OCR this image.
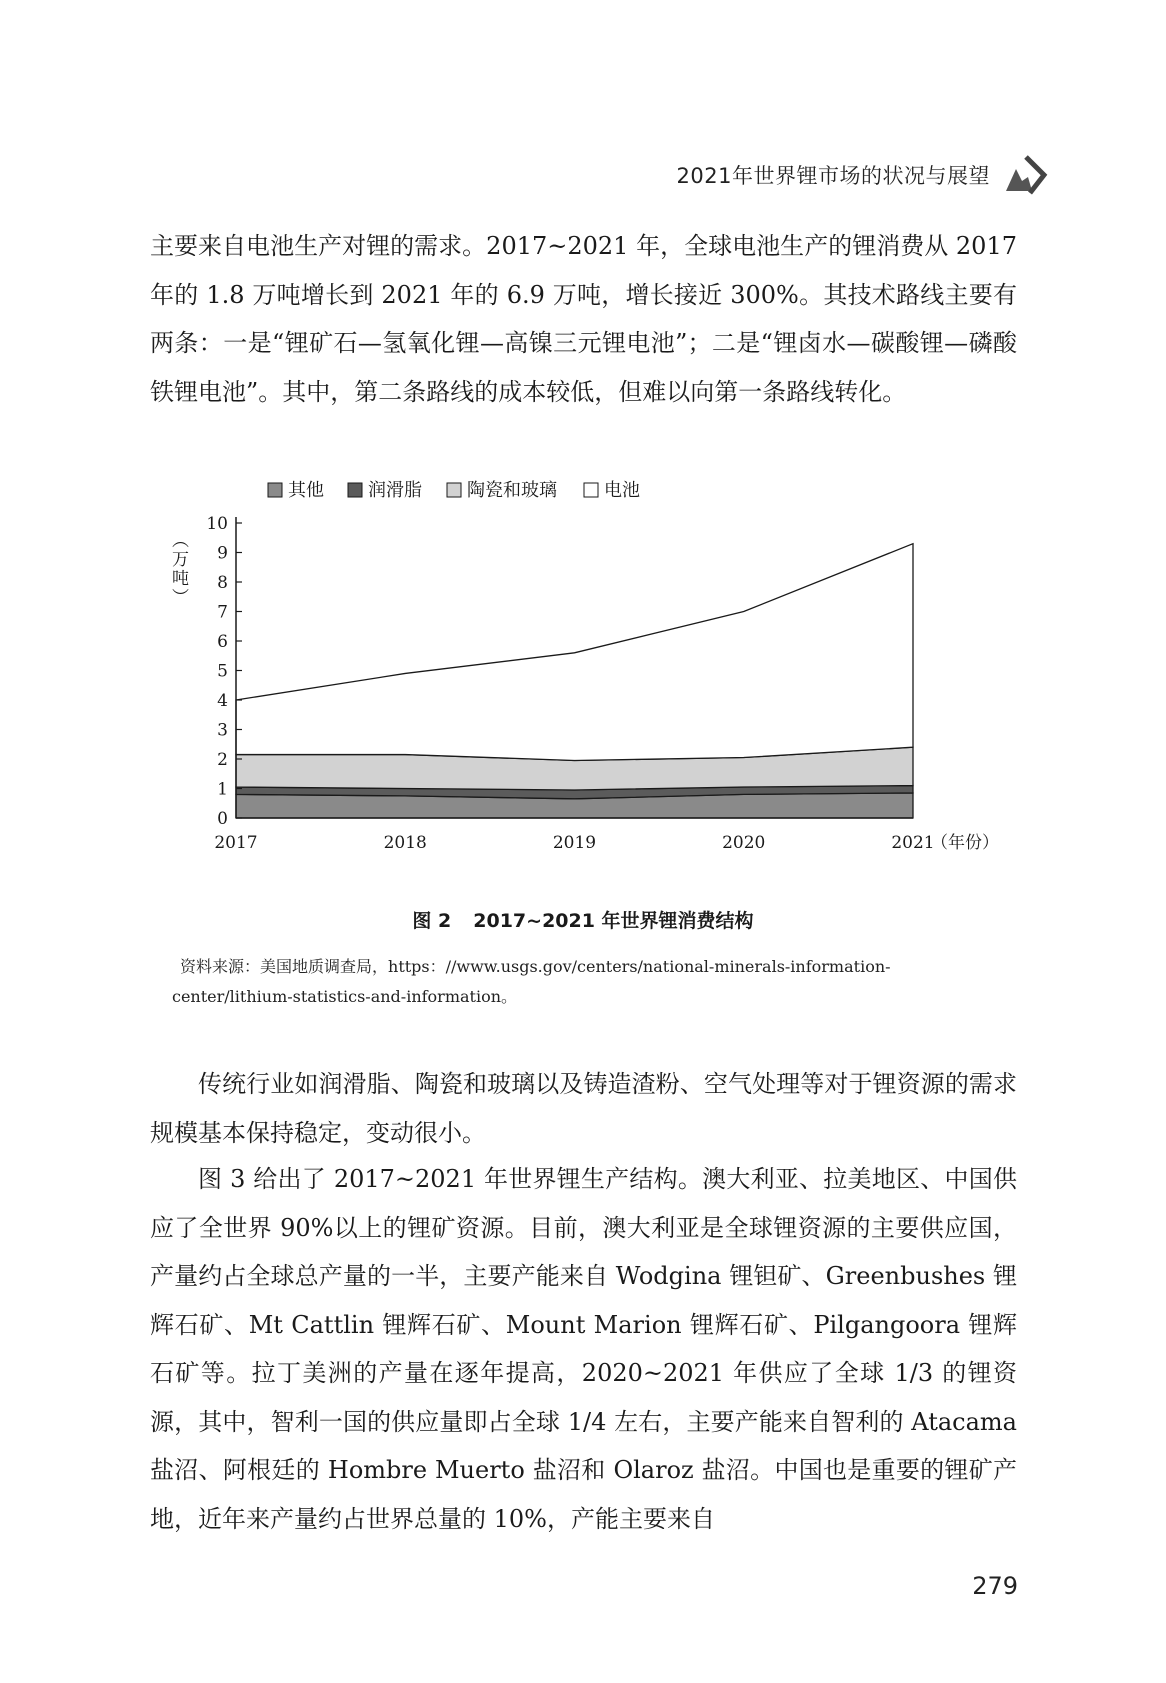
2021年世界锂市场的状况与展望

主要来自电池生产对锂的需求。2017~2021 年，全球电池生产的锂消费从 2017 年的 1.8 万吨增长到 2021 年的 6.9 万吨，增长接近 300%。其技术路线主要有两条：一是“锂矿石—氢氧化锂—高镍三元锂电池”；二是“锂卤水—碳酸锂—磷酸铁锂电池”。其中，第二条路线的成本较低，但难以向第一条路线转化。

0
1
2
3
4
5
6
7
8
9
10
2017	2018	2019	2020	2021
（年份）
（万吨）
其他 润滑脂	陶瓷和玻璃	电池
图 2 2017~2021 年世界锂消费结构

资料来源：美国地质调查局，https：//www.usgs.gov/centers/national-minerals-information-
center/lithium-statistics-and-information。

传统行业如润滑脂、陶瓷和玻璃以及铸造渣粉、空气处理等对于锂资源的需求规模基本保持稳定，变动很小。

图 3 给出了 2017~2021 年世界锂生产结构。澳大利亚、拉美地区、中国供应了全世界 90%以上的锂矿资源。目前，澳大利亚是全球锂资源的主要供应国，产量约占全球总产量的一半，主要产能来自 Wodgina 锂钽矿、Greenbushes 锂辉石矿、Mt Cattlin 锂辉石矿、Mount Marion 锂辉石矿、Pilgangoora 锂辉石矿等。拉丁美洲的产量在逐年提高，2020~2021 年供应了全球 1/3 的锂资源，其中，智利一国的供应量即占全球 1/4 左右，主要产能来自智利的 Atacama 盐沼、阿根廷的 Hombre Muerto 盐沼和 Olaroz 盐沼。中国也是重要的锂矿产地，近年来产量约占世界总量的 10%，产能主要来自

279
